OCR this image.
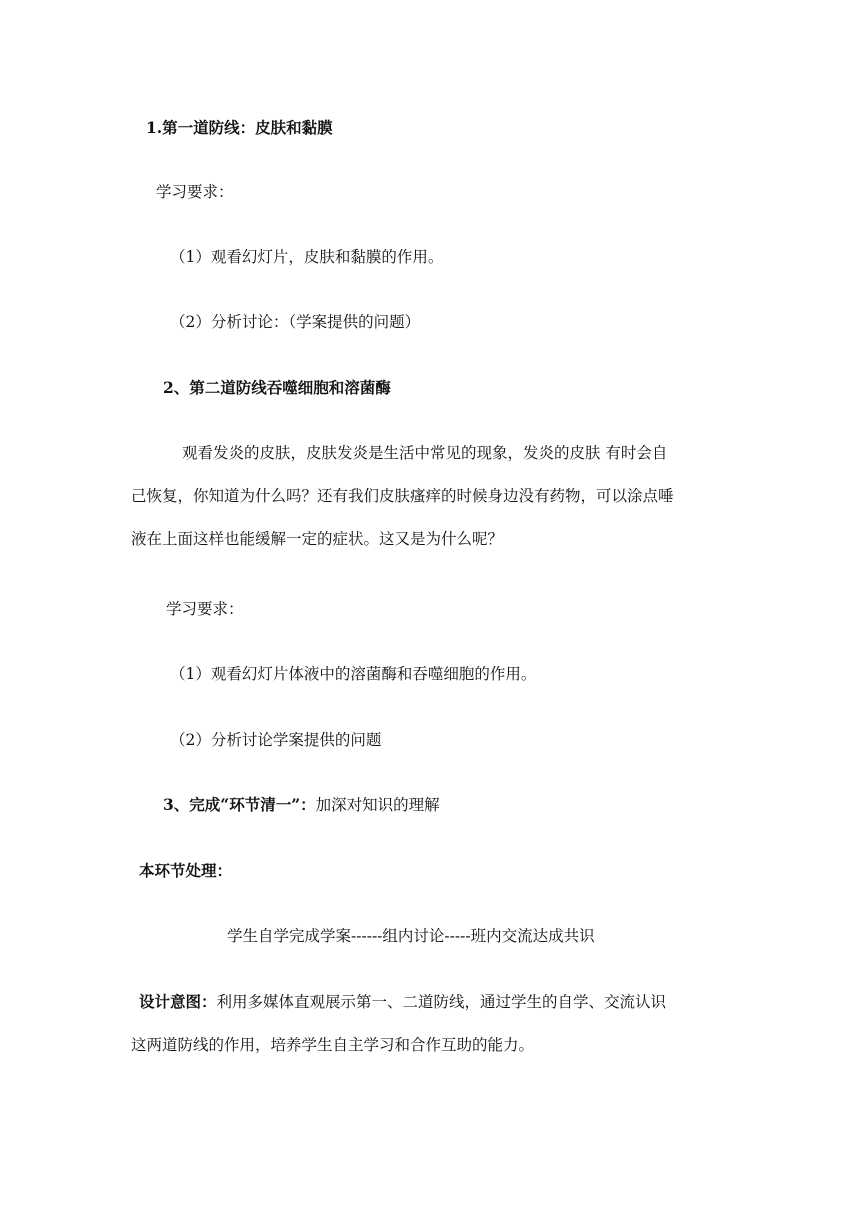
1.第一道防线：皮肤和黏膜
学习要求：
（1）观看幻灯片，皮肤和黏膜的作用。
（2）分析讨论：（学案提供的问题）
2、第二道防线吞噬细胞和溶菌酶
观看发炎的皮肤，皮肤发炎是生活中常见的现象，发炎的皮肤 有时会自
己恢复，你知道为什么吗？还有我们皮肤瘙痒的时候身边没有药物，可以涂点唾
液在上面这样也能缓解一定的症状。这又是为什么呢？
学习要求：
（1）观看幻灯片体液中的溶菌酶和吞噬细胞的作用。
（2）分析讨论学案提供的问题
3、完成“环节清一”：加深对知识的理解
本环节处理：
学生自学完成学案------组内讨论-----班内交流达成共识
设计意图：利用多媒体直观展示第一、二道防线，通过学生的自学、交流认识
这两道防线的作用，培养学生自主学习和合作互助的能力。
